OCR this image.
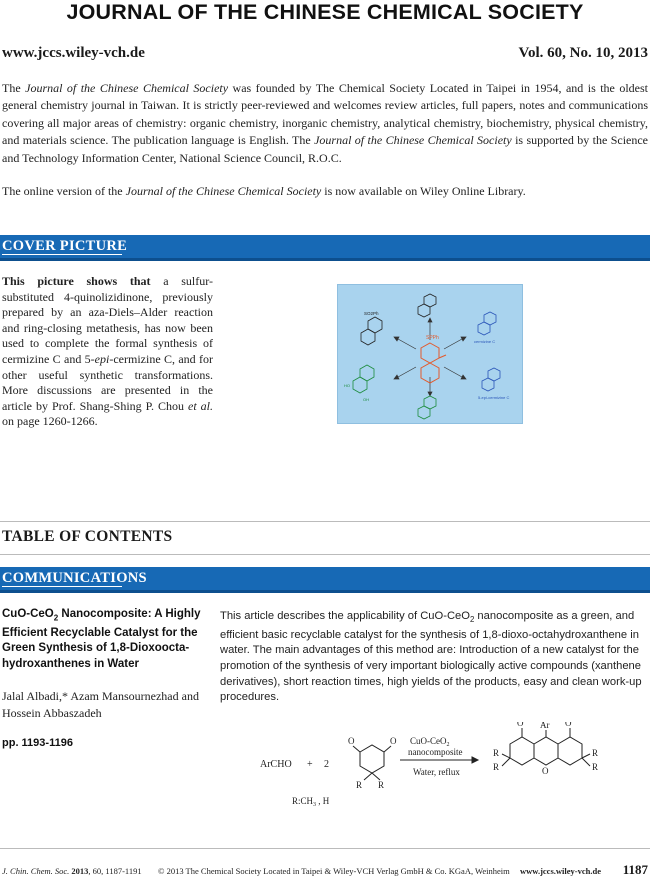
JOURNAL OF THE CHINESE CHEMICAL SOCIETY
www.jccs.wiley-vch.de	Vol. 60, No. 10, 2013
The Journal of the Chinese Chemical Society was founded by The Chemical Society Located in Taipei in 1954, and is the oldest general chemistry journal in Taiwan. It is strictly peer-reviewed and welcomes review articles, full papers, notes and communications covering all major areas of chemistry: organic chemistry, inorganic chemistry, analytical chemistry, biochemistry, physical chemistry, and materials science. The publication language is English. The Journal of the Chinese Chemical Society is supported by the Science and Technology Information Center, National Science Council, R.O.C.
The online version of the Journal of the Chinese Chemical Society is now available on Wiley Online Library.
COVER PICTURE
This picture shows that a sulfur-substituted 4-quinolizidinone, previously prepared by an aza-Diels–Alder reaction and ring-closing metathesis, has now been used to complete the formal synthesis of cermizine C and 5-epi-cermizine C, and for other useful synthetic transformations. More discussions are presented in the article by Prof. Shang-Shing P. Chou et al. on page 1260-1266.
SPPh
SO2Ph
cermizine C
HO
OH	5-epi-cermizine C
TABLE OF CONTENTS
COMMUNICATIONS
CuO-CeO$_2$ Nanocomposite: A Highly Efficient Recyclable Catalyst for the Green Synthesis of 1,8-Dioxoocta-hydroxanthenes in Water
Jalal Albadi,* Azam Mansournezhad and Hossein Abbaszadeh
pp. 1193-1196
This article describes the applicability of CuO-CeO$_2$ nanocomposite as a green, and efficient basic recyclable catalyst for the synthesis of 1,8-dioxo-octahydroxanthene in water. The main advantages of this method are: Introduction of a new catalyst for the promotion of the synthesis of very important biologically active compounds (xanthene derivatives), short reaction times, high yields of the products, easy and clean work-up procedures.
ArCHO + 2
O	O
R R
CuO-CeO$_2$
nanocomposite
Water, reflux
O	O
Ar
O
R
R
R
R
$R:CH_3$ , H
J. Chin. Chem. Soc. 2013, 60, 1187-1191 © 2013 The Chemical Society Located in Taipei & Wiley-VCH Verlag GmbH & Co. KGaA, Weinheim www.jccs.wiley-vch.de 1187
